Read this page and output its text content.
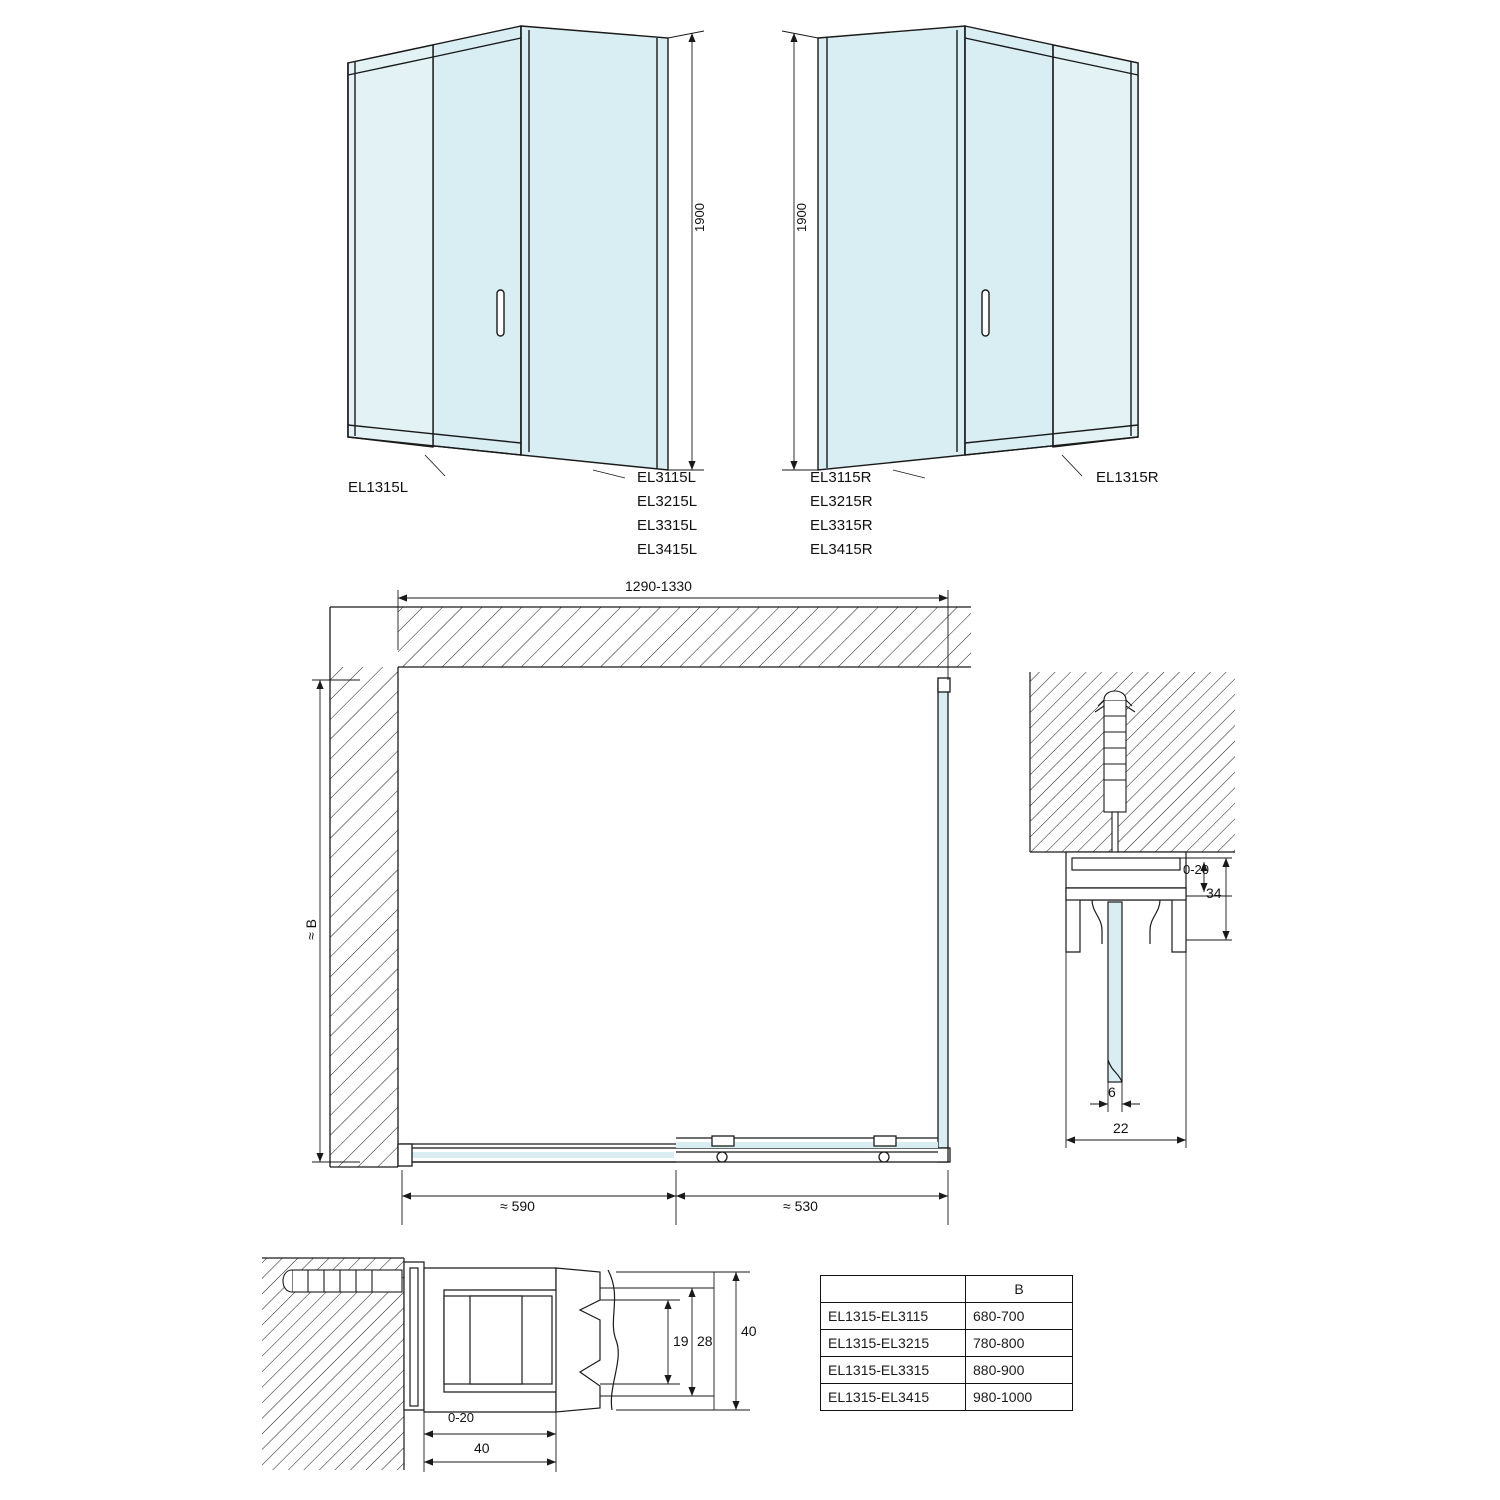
1900	1900
EL1315L
EL3115L
EL3215L
EL3315L
EL3415L
EL3115R
EL3215R
EL3315R
EL3415R
EL1315R
1290-1330
≈ B
≈ 590	≈ 530
0-20
34
6
22
19 28
40
0-20
40
	B
EL1315-EL3115	680-700
EL1315-EL3215	780-800
EL1315-EL3315	880-900
EL1315-EL3415	980-1000
